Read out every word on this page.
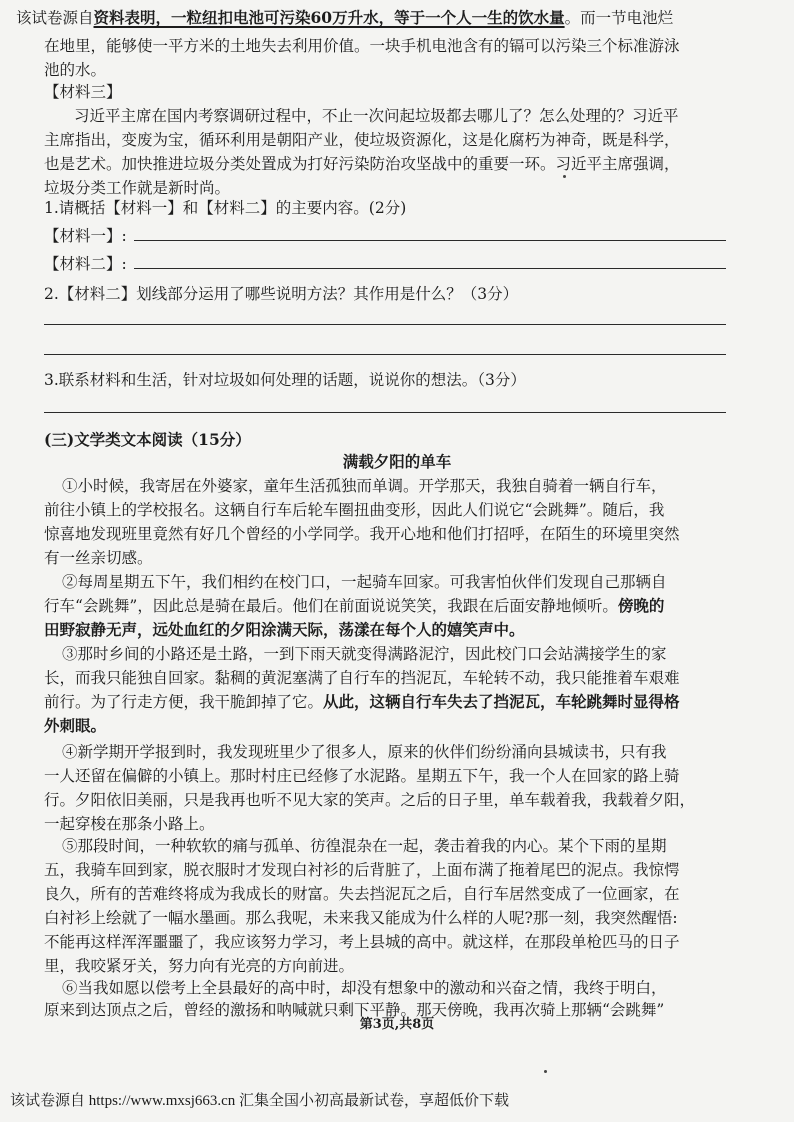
该试卷源自资料表明，一粒纽扣电池可污染60万升水，等于一个人一生的饮水量。而一节电池烂
在地里，能够使一平方米的土地失去利用价值。一块手机电池含有的镉可以污染三个标准游泳
池的水。
【材料三】
习近平主席在国内考察调研过程中，不止一次问起垃圾都去哪儿了？怎么处理的？习近平
主席指出，变废为宝，循环利用是朝阳产业，使垃圾资源化，这是化腐朽为神奇，既是科学，
也是艺术。加快推进垃圾分类处置成为打好污染防治攻坚战中的重要一环。习近平主席强调，
垃圾分类工作就是新时尚。
1.请概括【材料一】和【材料二】的主要内容。(2分)
【材料一】:
【材料二】:
2.【材料二】划线部分运用了哪些说明方法？其作用是什么？（3分）
3.联系材料和生活，针对垃圾如何处理的话题，说说你的想法。（3分）
(三)文学类文本阅读（15分）
满载夕阳的单车
①小时候，我寄居在外婆家，童年生活孤独而单调。开学那天，我独自骑着一辆自行车，
前往小镇上的学校报名。这辆自行车后轮车圈扭曲变形，因此人们说它“会跳舞”。随后，我
惊喜地发现班里竟然有好几个曾经的小学同学。我开心地和他们打招呼，在陌生的环境里突然
有一丝亲切感。
②每周星期五下午，我们相约在校门口，一起骑车回家。可我害怕伙伴们发现自己那辆自
行车“会跳舞”，因此总是骑在最后。他们在前面说说笑笑，我跟在后面安静地倾听。傍晚的
田野寂静无声，远处血红的夕阳涂满天际，荡漾在每个人的嬉笑声中。
③那时乡间的小路还是土路，一到下雨天就变得满路泥泞，因此校门口会站满接学生的家
长，而我只能独自回家。黏稠的黄泥塞满了自行车的挡泥瓦，车轮转不动，我只能推着车艰难
前行。为了行走方便，我干脆卸掉了它。从此，这辆自行车失去了挡泥瓦，车轮跳舞时显得格
外刺眼。
④新学期开学报到时，我发现班里少了很多人，原来的伙伴们纷纷涌向县城读书，只有我
一人还留在偏僻的小镇上。那时村庄已经修了水泥路。星期五下午，我一个人在回家的路上骑
行。夕阳依旧美丽，只是我再也听不见大家的笑声。之后的日子里，单车载着我，我载着夕阳，
一起穿梭在那条小路上。
⑤那段时间，一种软软的痛与孤单、彷徨混杂在一起，袭击着我的内心。某个下雨的星期
五，我骑车回到家，脱衣服时才发现白衬衫的后背脏了，上面布满了拖着尾巴的泥点。我惊愕
良久，所有的苦难终将成为我成长的财富。失去挡泥瓦之后，自行车居然变成了一位画家，在
白衬衫上绘就了一幅水墨画。那么我呢，未来我又能成为什么样的人呢?那一刻，我突然醒悟:
不能再这样浑浑噩噩了，我应该努力学习，考上县城的高中。就这样，在那段单枪匹马的日子
里，我咬紧牙关，努力向有光亮的方向前进。
⑥当我如愿以偿考上全县最好的高中时，却没有想象中的激动和兴奋之情，我终于明白，
原来到达顶点之后，曾经的激扬和呐喊就只剩下平静。那天傍晚，我再次骑上那辆“会跳舞”
第3页,共8页
该试卷源自 https://www.mxsj663.cn 汇集全国小初高最新试卷，享超低价下载
